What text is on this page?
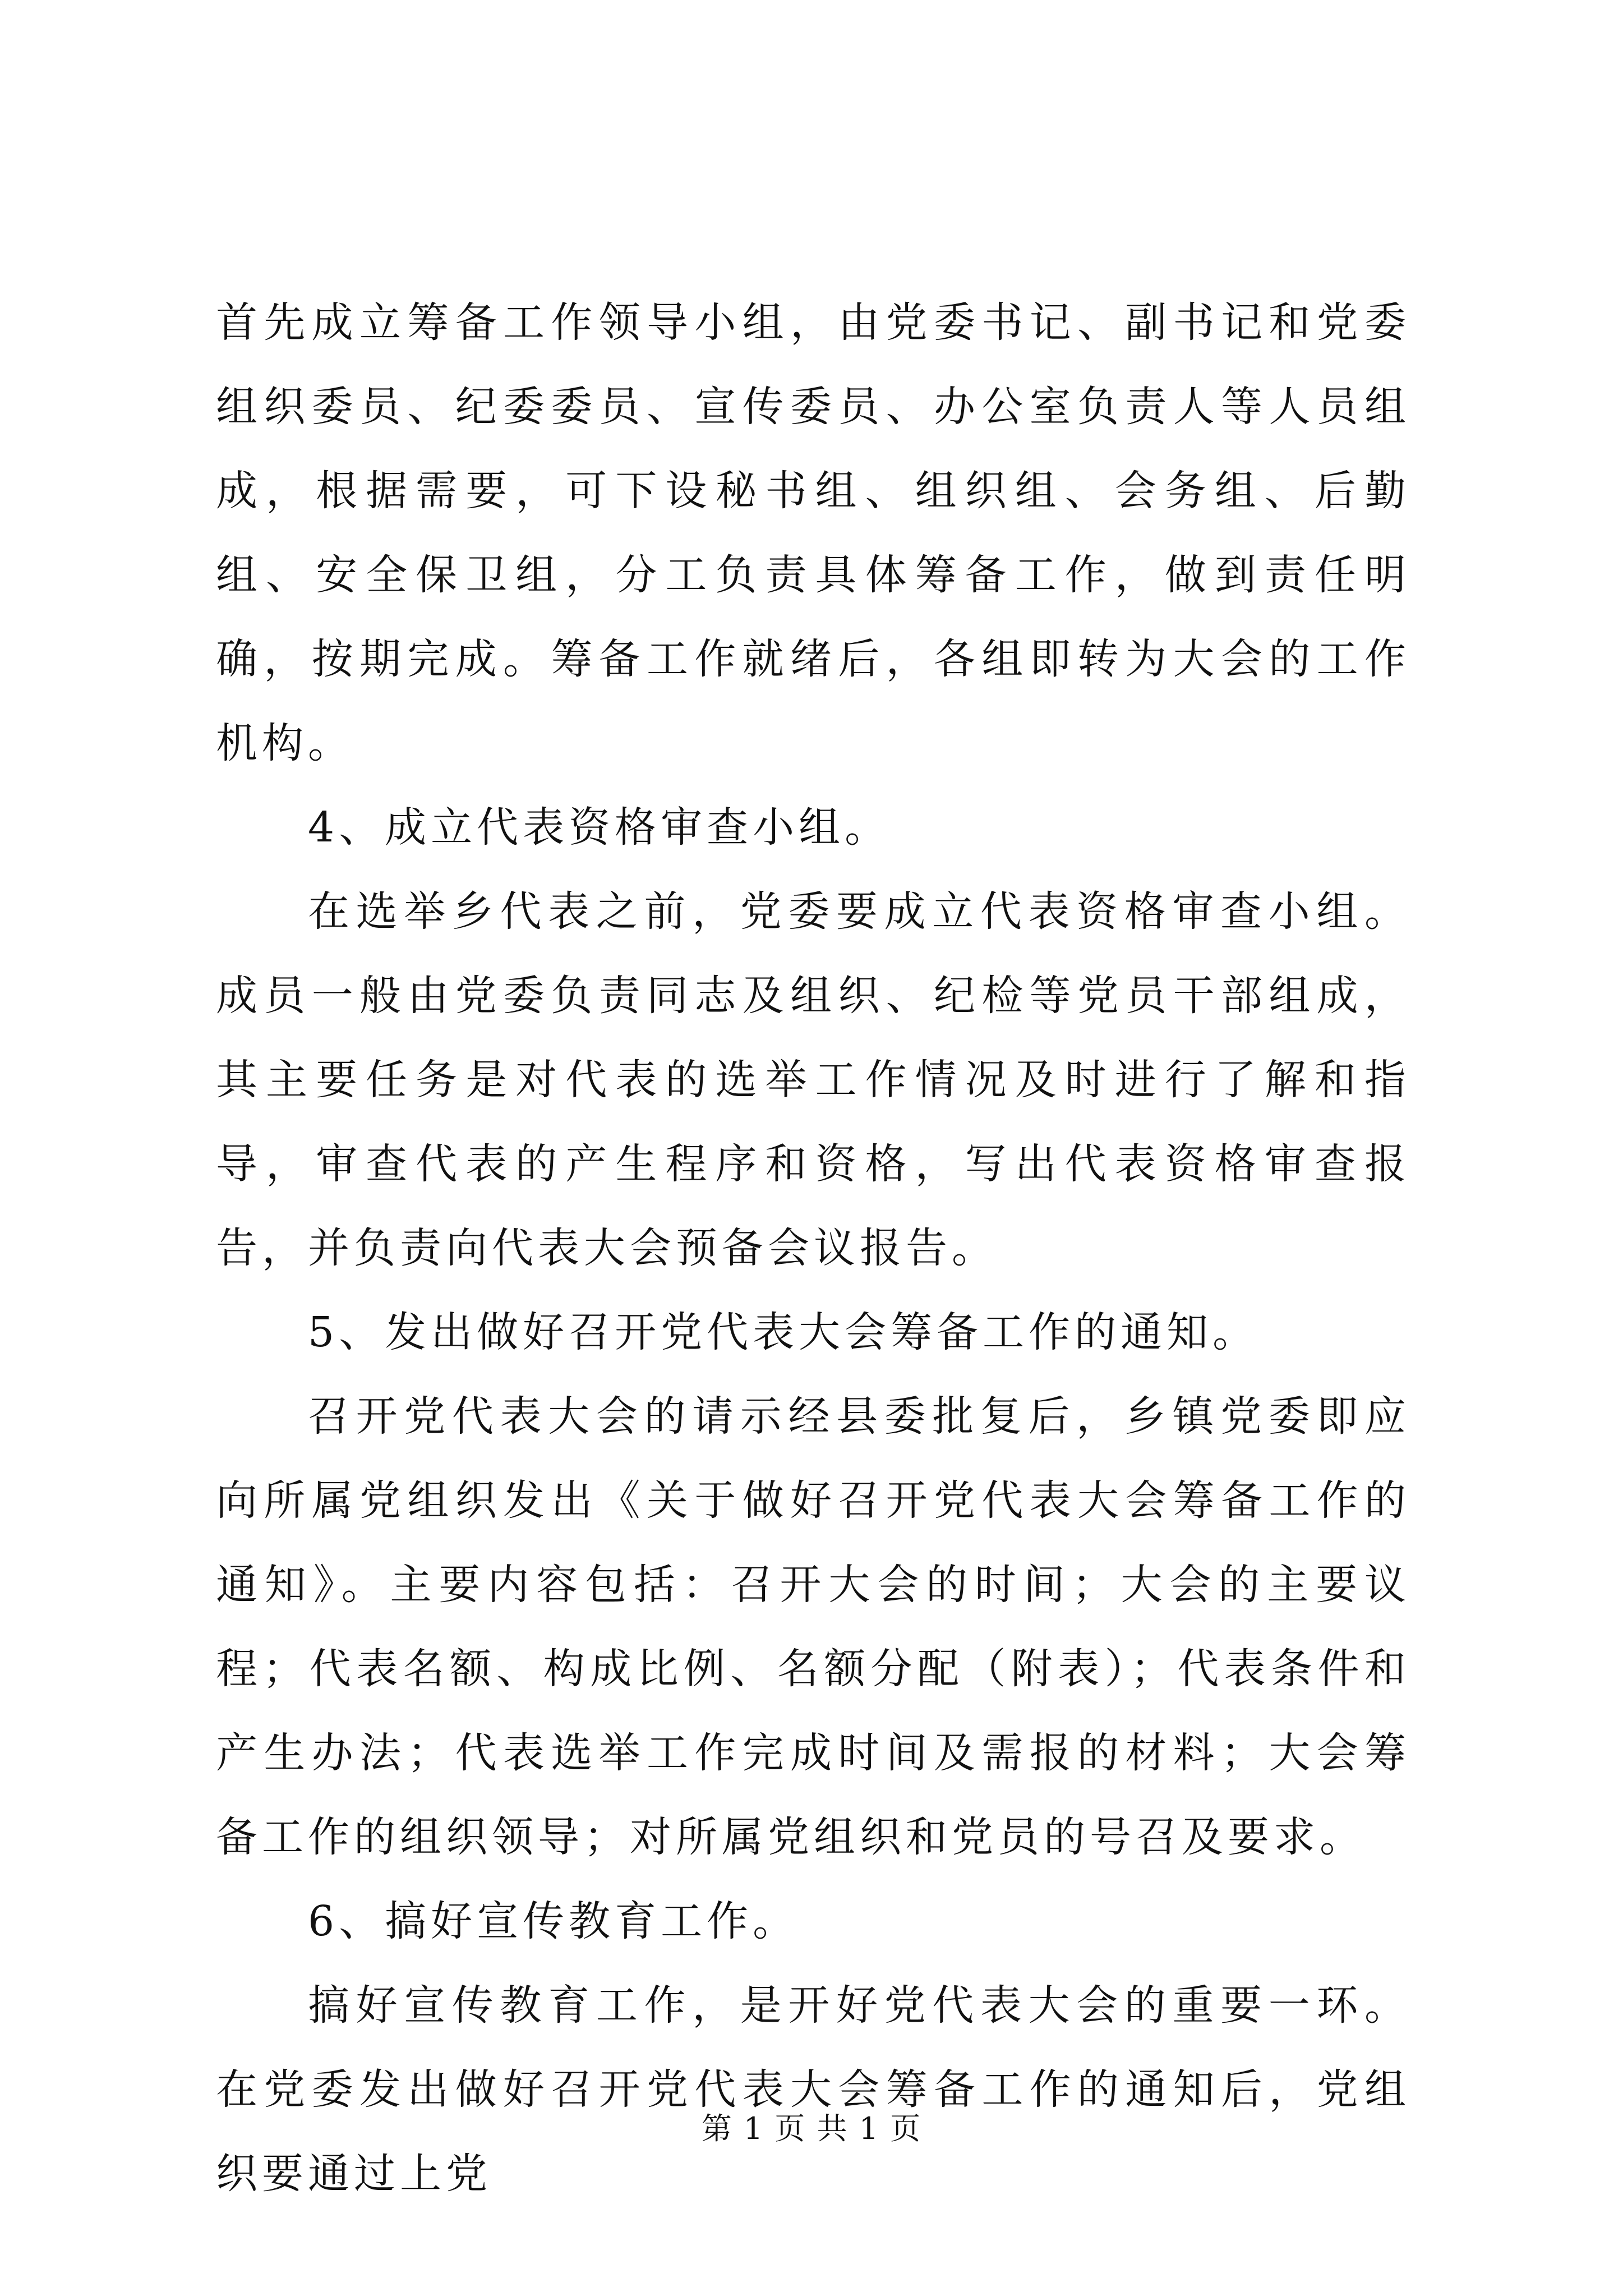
首先成立筹备工作领导小组，由党委书记、副书记和党委组织委员、纪委委员、宣传委员、办公室负责人等人员组成，根据需要，可下设秘书组、组织组、会务组、后勤组、安全保卫组，分工负责具体筹备工作，做到责任明确，按期完成。筹备工作就绪后，各组即转为大会的工作机构。

4、成立代表资格审查小组。

在选举乡代表之前，党委要成立代表资格审查小组。成员一般由党委负责同志及组织、纪检等党员干部组成，其主要任务是对代表的选举工作情况及时进行了解和指导，审查代表的产生程序和资格，写出代表资格审查报告，并负责向代表大会预备会议报告。

5、发出做好召开党代表大会筹备工作的通知。

召开党代表大会的请示经县委批复后，乡镇党委即应向所属党组织发出《关于做好召开党代表大会筹备工作的通知》。主要内容包括：召开大会的时间；大会的主要议程；代表名额、构成比例、名额分配（附表）；代表条件和产生办法；代表选举工作完成时间及需报的材料；大会筹备工作的组织领导；对所属党组织和党员的号召及要求。

6、搞好宣传教育工作。

搞好宣传教育工作，是开好党代表大会的重要一环。在党委发出做好召开党代表大会筹备工作的通知后，党组织要通过上党

第 1 页 共 1 页
